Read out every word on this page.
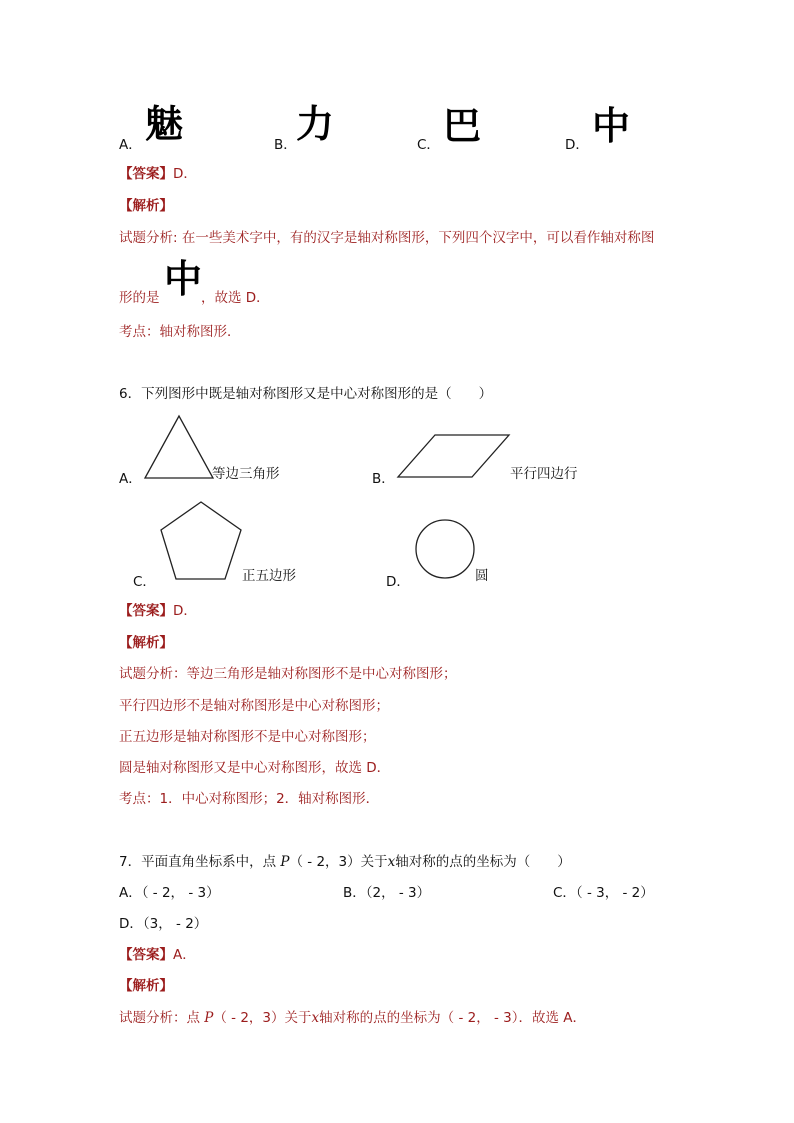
A． 魅	B． 力	C． 巴	D． 中
【答案】D．
【解析】
试题分析: 在一些美术字中，有的汉字是轴对称图形，下列四个汉字中，可以看作轴对称图
形的是 中
，故选 D．
考点：轴对称图形．
6．下列图形中既是轴对称图形又是中心对称图形的是（　　）
A．	等边三角形	B．	平行四边行
C．	正五边形	D．	圆
【答案】D．
【解析】
试题分析：等边三角形是轴对称图形不是中心对称图形；
平行四边形不是轴对称图形是中心对称图形；
正五边形是轴对称图形不是中心对称图形；
圆是轴对称图形又是中心对称图形，故选 D．
考点：1．中心对称图形；2．轴对称图形．
7．平面直角坐标系中，点 P（ - 2，3）关于x轴对称的点的坐标为（　　）
A．（ - 2， - 3）	B．（2， - 3）	C．（ - 3， - 2）
D．（3， - 2）
【答案】A．
【解析】
试题分析：点 P（ - 2，3）关于x轴对称的点的坐标为（ - 2， - 3）．故选 A．
